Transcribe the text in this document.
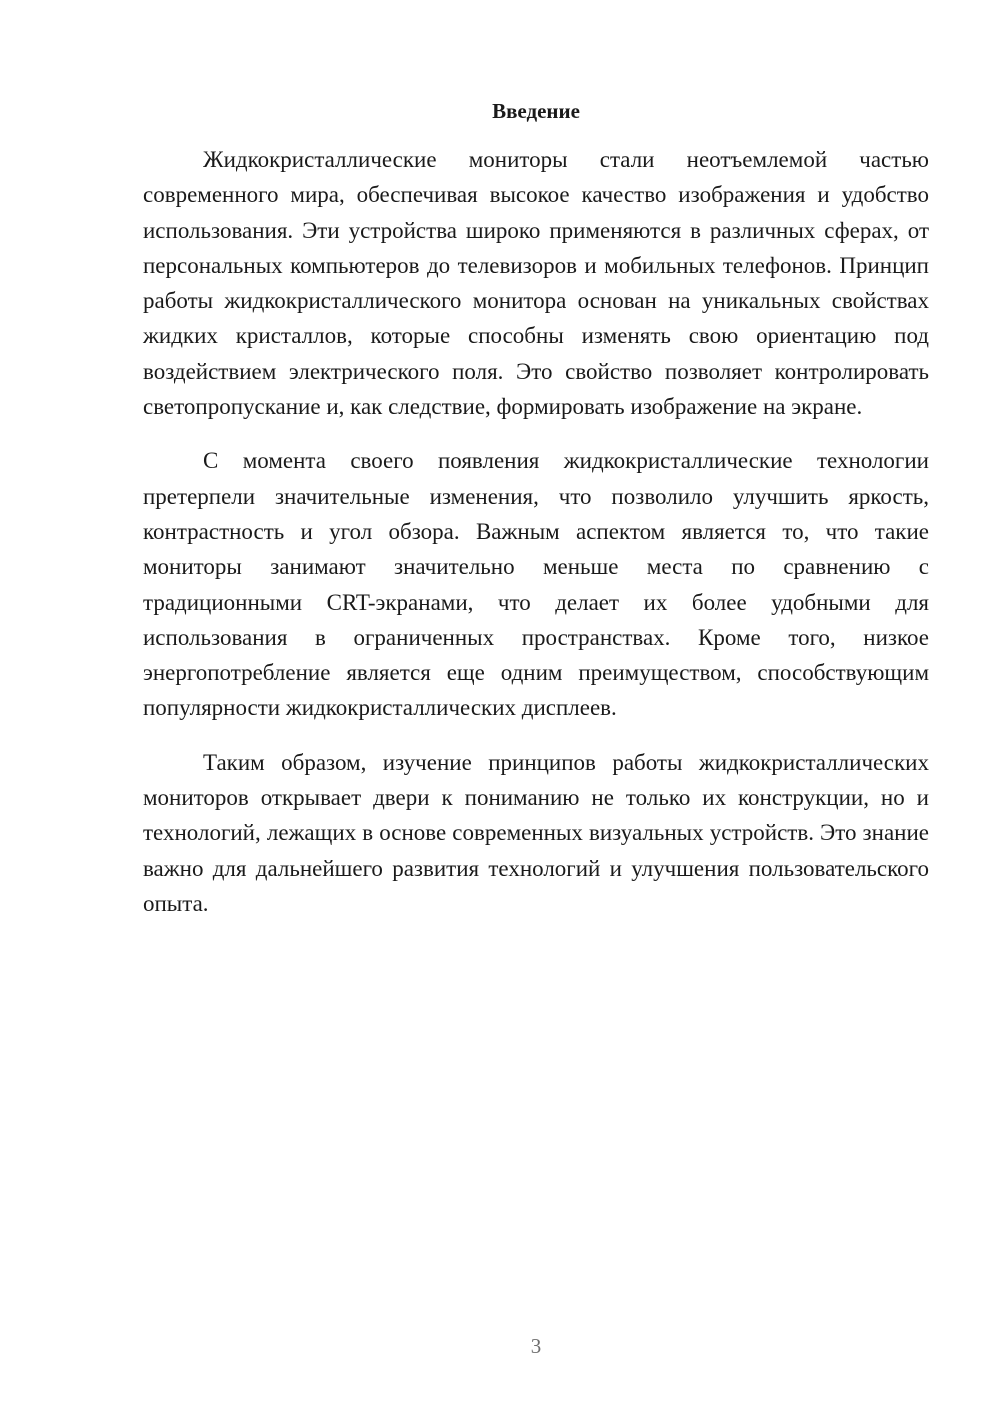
Введение

Жидкокристаллические мониторы стали неотъемлемой частью современного мира, обеспечивая высокое качество изображения и удобство использования. Эти устройства широко применяются в различных сферах, от персональных компьютеров до телевизоров и мобильных телефонов. Принцип работы жидкокристаллического монитора основан на уникальных свойствах жидких кристаллов, которые способны изменять свою ориентацию под воздействием электрического поля. Это свойство позволяет контролировать светопропускание и, как следствие, формировать изображение на экране.

С момента своего появления жидкокристаллические технологии претерпели значительные изменения, что позволило улучшить яркость, контрастность и угол обзора. Важным аспектом является то, что такие мониторы занимают значительно меньше места по сравнению с традиционными CRT-экранами, что делает их более удобными для использования в ограниченных пространствах. Кроме того, низкое энергопотребление является еще одним преимуществом, способствующим популярности жидкокристаллических дисплеев.

Таким образом, изучение принципов работы жидкокристаллических мониторов открывает двери к пониманию не только их конструкции, но и технологий, лежащих в основе современных визуальных устройств. Это знание важно для дальнейшего развития технологий и улучшения пользовательского опыта.

3
